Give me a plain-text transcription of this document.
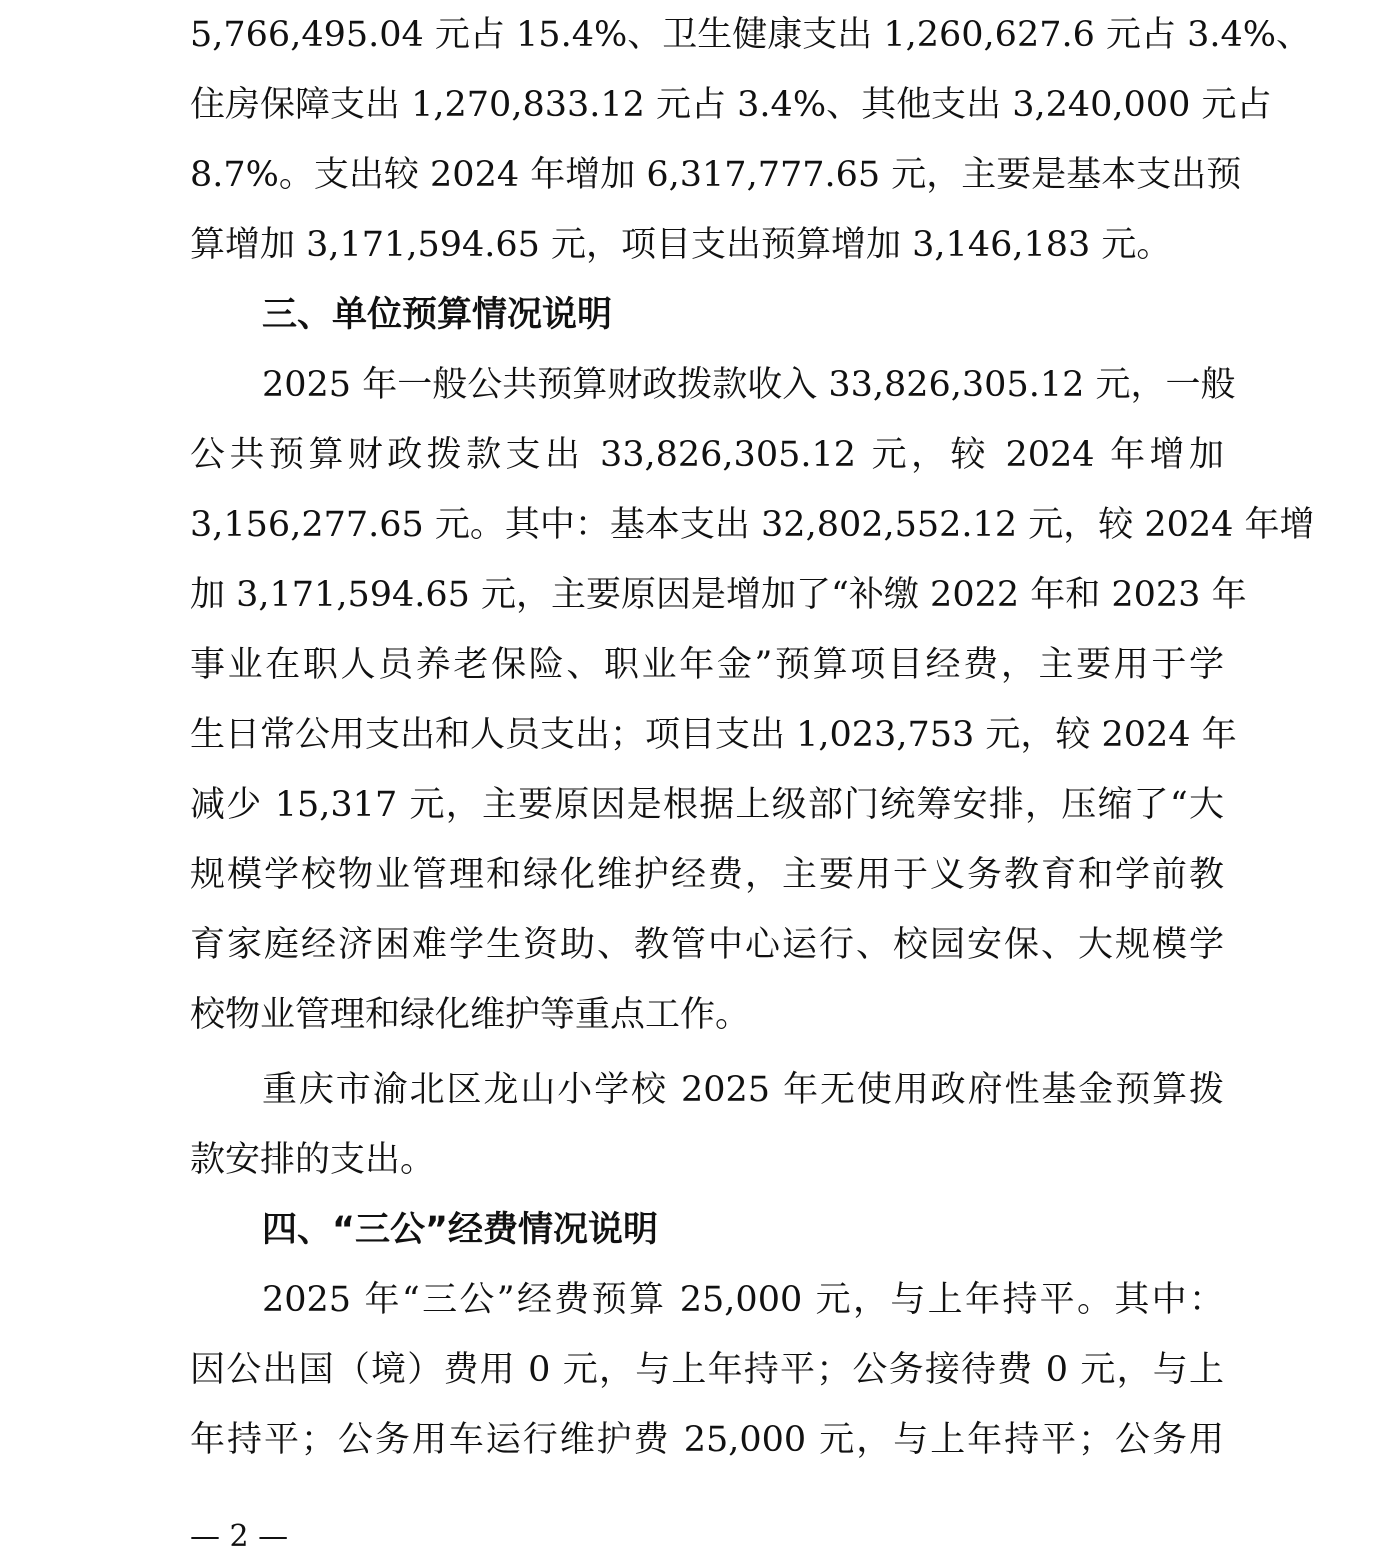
5,766,495.04 元占 15.4%、卫生健康支出 1,260,627.6 元占 3.4%、
住房保障支出 1,270,833.12 元占 3.4%、其他支出 3,240,000 元占
8.7%。支出较 2024 年增加 6,317,777.65 元，主要是基本支出预
算增加 3,171,594.65 元，项目支出预算增加 3,146,183 元。
三、单位预算情况说明
2025 年一般公共预算财政拨款收入 33,826,305.12 元，一般
公共预算财政拨款支出 33,826,305.12 元，较 2024 年增加
3,156,277.65 元。其中：基本支出 32,802,552.12 元，较 2024 年增
加 3,171,594.65 元，主要原因是增加了“补缴 2022 年和 2023 年
事业在职人员养老保险、职业年金”预算项目经费，主要用于学
生日常公用支出和人员支出；项目支出 1,023,753 元，较 2024 年
减少 15,317 元，主要原因是根据上级部门统筹安排，压缩了“大
规模学校物业管理和绿化维护经费，主要用于义务教育和学前教
育家庭经济困难学生资助、教管中心运行、校园安保、大规模学
校物业管理和绿化维护等重点工作。
重庆市渝北区龙山小学校 2025 年无使用政府性基金预算拨
款安排的支出。
四、“三公”经费情况说明
2025 年“三公”经费预算 25,000 元，与上年持平。其中：
因公出国（境）费用 0 元，与上年持平；公务接待费 0 元，与上
年持平；公务用车运行维护费 25,000 元，与上年持平；公务用
— 2 —
